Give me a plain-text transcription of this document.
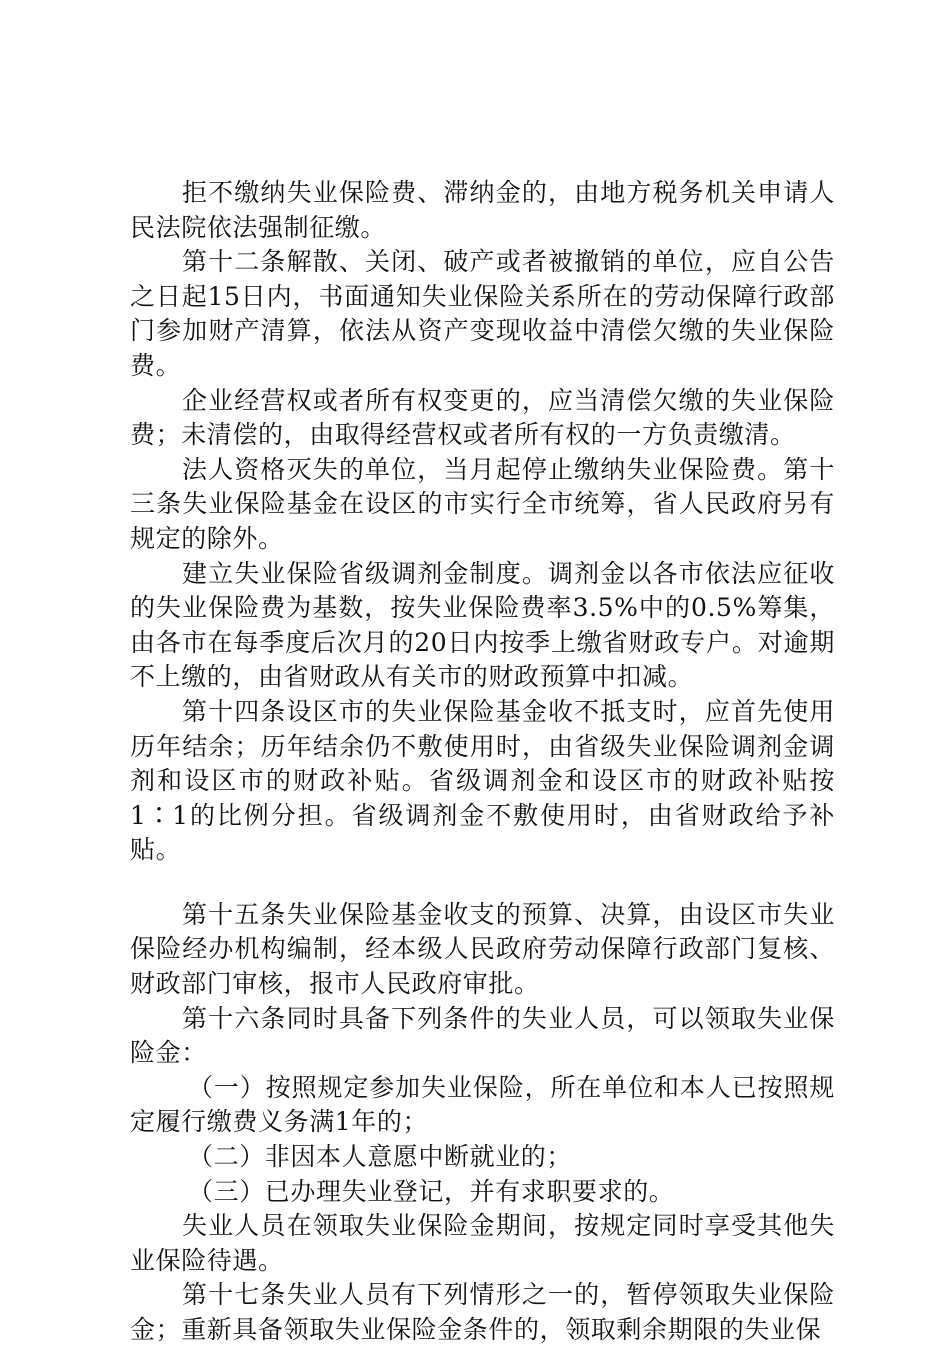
拒不缴纳失业保险费、滞纳金的，由地方税务机关申请人民法院依法强制征缴。

第十二条解散、关闭、破产或者被撤销的单位，应自公告之日起15日内，书面通知失业保险关系所在的劳动保障行政部门参加财产清算，依法从资产变现收益中清偿欠缴的失业保险费。

企业经营权或者所有权变更的，应当清偿欠缴的失业保险费；未清偿的，由取得经营权或者所有权的一方负责缴清。

法人资格灭失的单位，当月起停止缴纳失业保险费。第十三条失业保险基金在设区的市实行全市统筹，省人民政府另有规定的除外。

建立失业保险省级调剂金制度。调剂金以各市依法应征收的失业保险费为基数，按失业保险费率3.5%中的0.5%筹集，由各市在每季度后次月的20日内按季上缴省财政专户。对逾期不上缴的，由省财政从有关市的财政预算中扣减。

第十四条设区市的失业保险基金收不抵支时，应首先使用历年结余；历年结余仍不敷使用时，由省级失业保险调剂金调剂和设区市的财政补贴。省级调剂金和设区市的财政补贴按1∶1的比例分担。省级调剂金不敷使用时，由省财政给予补贴。

第十五条失业保险基金收支的预算、决算，由设区市失业保险经办机构编制，经本级人民政府劳动保障行政部门复核、财政部门审核，报市人民政府审批。

第十六条同时具备下列条件的失业人员，可以领取失业保险金：

（一）按照规定参加失业保险，所在单位和本人已按照规定履行缴费义务满1年的；

（二）非因本人意愿中断就业的；

（三）已办理失业登记，并有求职要求的。

失业人员在领取失业保险金期间，按规定同时享受其他失业保险待遇。

第十七条失业人员有下列情形之一的，暂停领取失业保险金；重新具备领取失业保险金条件的，领取剩余期限的失业保
